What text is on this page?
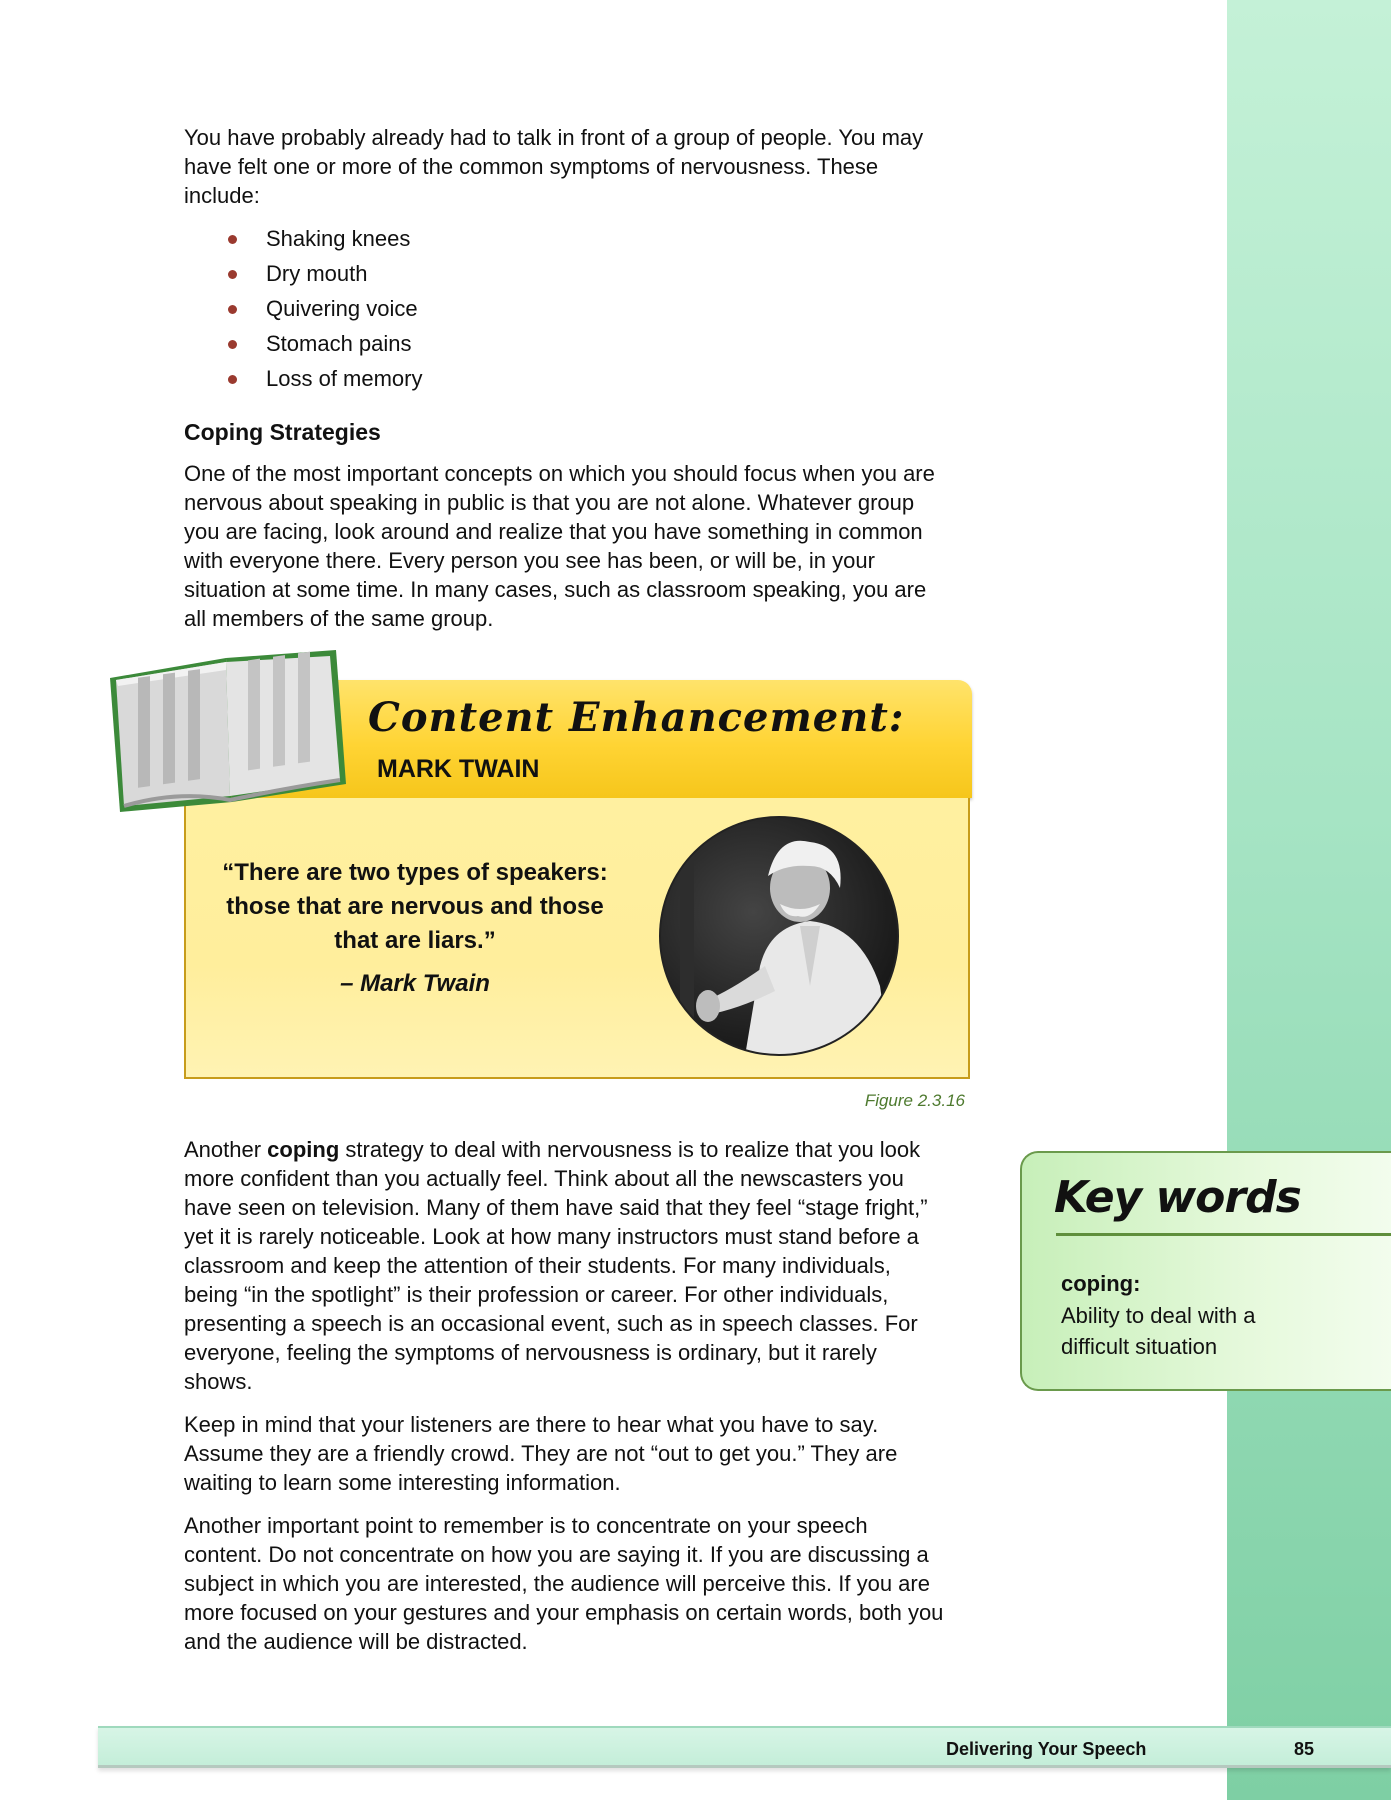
You have probably already had to talk in front of a group of people. You may have felt one or more of the common symptoms of nervousness. These include:

Shaking knees
Dry mouth
Quivering voice
Stomach pains
Loss of memory
Coping Strategies

One of the most important concepts on which you should focus when you are nervous about speaking in public is that you are not alone. Whatever group you are facing, look around and realize that you have something in common with everyone there. Every person you see has been, or will be, in your situation at some time. In many cases, such as classroom speaking, you are all members of the same group.

Content Enhancement:
MARK TWAIN
“There are two types of speakers: those that are nervous and those that are liars.”
– Mark Twain
Figure 2.3.16

Another coping strategy to deal with nervousness is to realize that you look more confident than you actually feel. Think about all the newscasters you have seen on television. Many of them have said that they feel “stage fright,” yet it is rarely noticeable. Look at how many instructors must stand before a classroom and keep the attention of their students. For many individuals, being “in the spotlight” is their profession or career. For other individuals, presenting a speech is an occasional event, such as in speech classes. For everyone, feeling the symptoms of nervousness is ordinary, but it rarely shows.

Keep in mind that your listeners are there to hear what you have to say. Assume they are a friendly crowd. They are not “out to get you.” They are waiting to learn some interesting information.

Another important point to remember is to concentrate on your speech content. Do not concentrate on how you are saying it. If you are discussing a subject in which you are interested, the audience will perceive this. If you are more focused on your gestures and your emphasis on certain words, both you and the audience will be distracted.

Key words
coping:
Ability to deal with a difficult situation
Delivering Your Speech	85
